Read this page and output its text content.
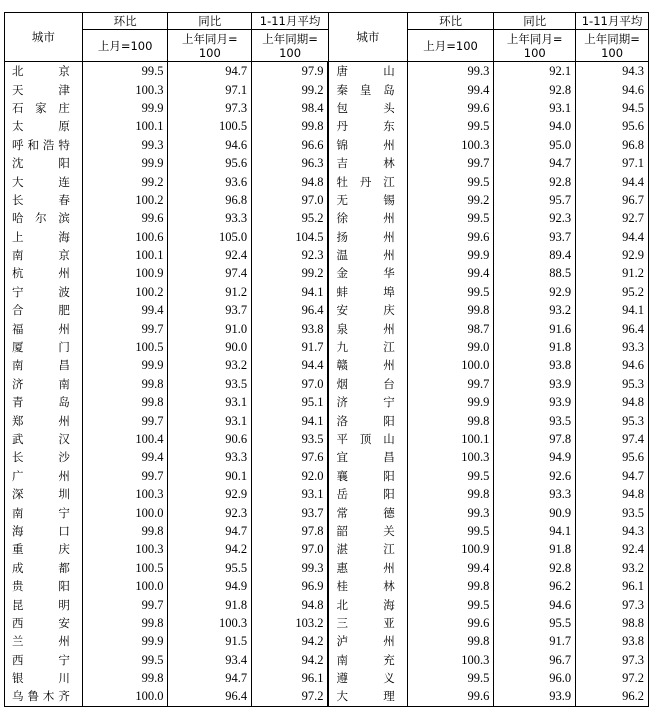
城市	环比	同比	1-11月平均	城市	环比	同比	1-11月平均
	上月=100	上年同月=100	上年同期=100		上月=100	上年同月=100	上年同期=100
北　　京	99.5	94.7	97.9	唐　　山	99.3	92.1	94.3
天　　津	100.3	97.1	99.2	秦 皇 岛	99.4	92.8	94.6
石 家 庄	99.9	97.3	98.4	包　　头	99.6	93.1	94.5
太　　原	100.1	100.5	99.8	丹　　东	99.5	94.0	95.6
呼和浩特	99.3	94.6	96.6	锦　　州	100.3	95.0	96.8
沈　　阳	99.9	95.6	96.3	吉　　林	99.7	94.7	97.1
大　　连	99.2	93.6	94.8	牡 丹 江	99.5	92.8	94.4
长　　春	100.2	96.8	97.0	无　　锡	99.2	95.7	96.7
哈 尔 滨	99.6	93.3	95.2	徐　　州	99.5	92.3	92.7
上　　海	100.6	105.0	104.5	扬　　州	99.6	93.7	94.4
南　　京	100.1	92.4	92.3	温　　州	99.9	89.4	92.9
杭　　州	100.9	97.4	99.2	金　　华	99.4	88.5	91.2
宁　　波	100.2	91.2	94.1	蚌　　埠	99.5	92.9	95.2
合　　肥	99.4	93.7	96.4	安　　庆	99.8	93.2	94.1
福　　州	99.7	91.0	93.8	泉　　州	98.7	91.6	96.4
厦　　门	100.5	90.0	91.7	九　　江	99.0	91.8	93.3
南　　昌	99.9	93.2	94.4	赣　　州	100.0	93.8	94.6
济　　南	99.8	93.5	97.0	烟　　台	99.7	93.9	95.3
青　　岛	99.8	93.1	95.1	济　　宁	99.9	93.9	94.8
郑　　州	99.7	93.1	94.1	洛　　阳	99.8	93.5	95.3
武　　汉	100.4	90.6	93.5	平 顶 山	100.1	97.8	97.4
长　　沙	99.4	93.3	97.6	宜　　昌	100.3	94.9	95.6
广　　州	99.7	90.1	92.0	襄　　阳	99.5	92.6	94.7
深　　圳	100.3	92.9	93.1	岳　　阳	99.8	93.3	94.8
南　　宁	100.0	92.3	93.7	常　　德	99.3	90.9	93.5
海　　口	99.8	94.7	97.8	韶　　关	99.5	94.1	94.3
重　　庆	100.3	94.2	97.0	湛　　江	100.9	91.8	92.4
成　　都	100.5	95.5	99.3	惠　　州	99.4	92.8	93.2
贵　　阳	100.0	94.9	96.9	桂　　林	99.8	96.2	96.1
昆　　明	99.7	91.8	94.8	北　　海	99.5	94.6	97.3
西　　安	99.8	100.3	103.2	三　　亚	99.6	95.5	98.8
兰　　州	99.9	91.5	94.2	泸　　州	99.8	91.7	93.8
西　　宁	99.5	93.4	94.2	南　　充	100.3	96.7	97.3
银　　川	99.8	94.7	96.1	遵　　义	99.5	96.0	97.2
乌鲁木齐	100.0	96.4	97.2	大　　理	99.6	93.9	96.2
